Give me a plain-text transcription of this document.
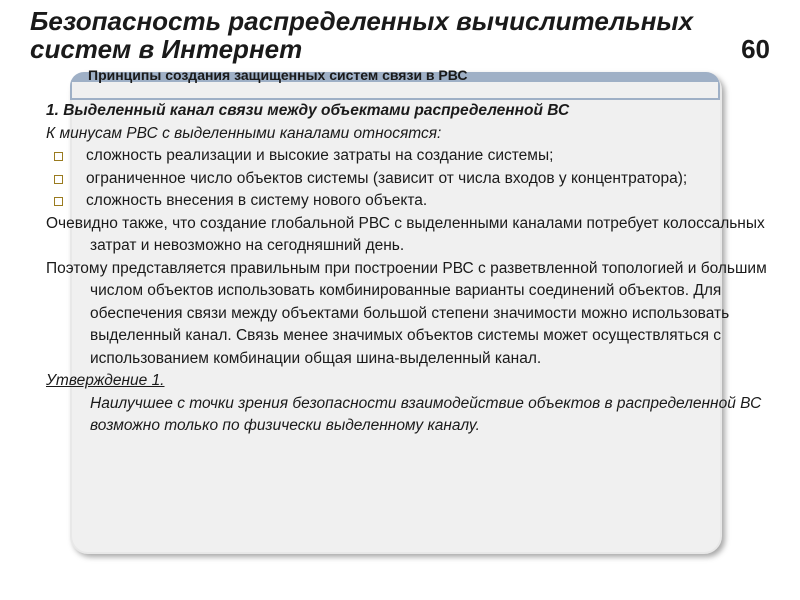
Безопасность распределенных вычислительных
систем в Интернет	60
Принципы создания защищенных систем связи в РВС
1. Выделенный канал связи между объектами распределенной ВС
К минусам РВС с выделенными каналами относятся:
сложность реализации и высокие затраты на создание системы;
ограниченное число объектов системы (зависит от числа входов у концентратора);
сложность внесения в систему нового объекта.
Очевидно также, что создание глобальной РВС с выделенными каналами потребует колоссальных затрат и невозможно на сегодняшний день.
Поэтому представляется правильным при построении РВС с разветвленной топологией и большим числом объектов использовать комбинированные варианты соединений объектов. Для обеспечения связи между объектами большой степени значимости можно использовать выделенный канал. Связь менее значимых объектов системы может осуществляться с использованием комбинации общая шина-выделенный канал.
Утверждение 1.
Наилучшее с точки зрения безопасности взаимодействие объектов в распределенной ВС возможно только по физически выделенному каналу.
